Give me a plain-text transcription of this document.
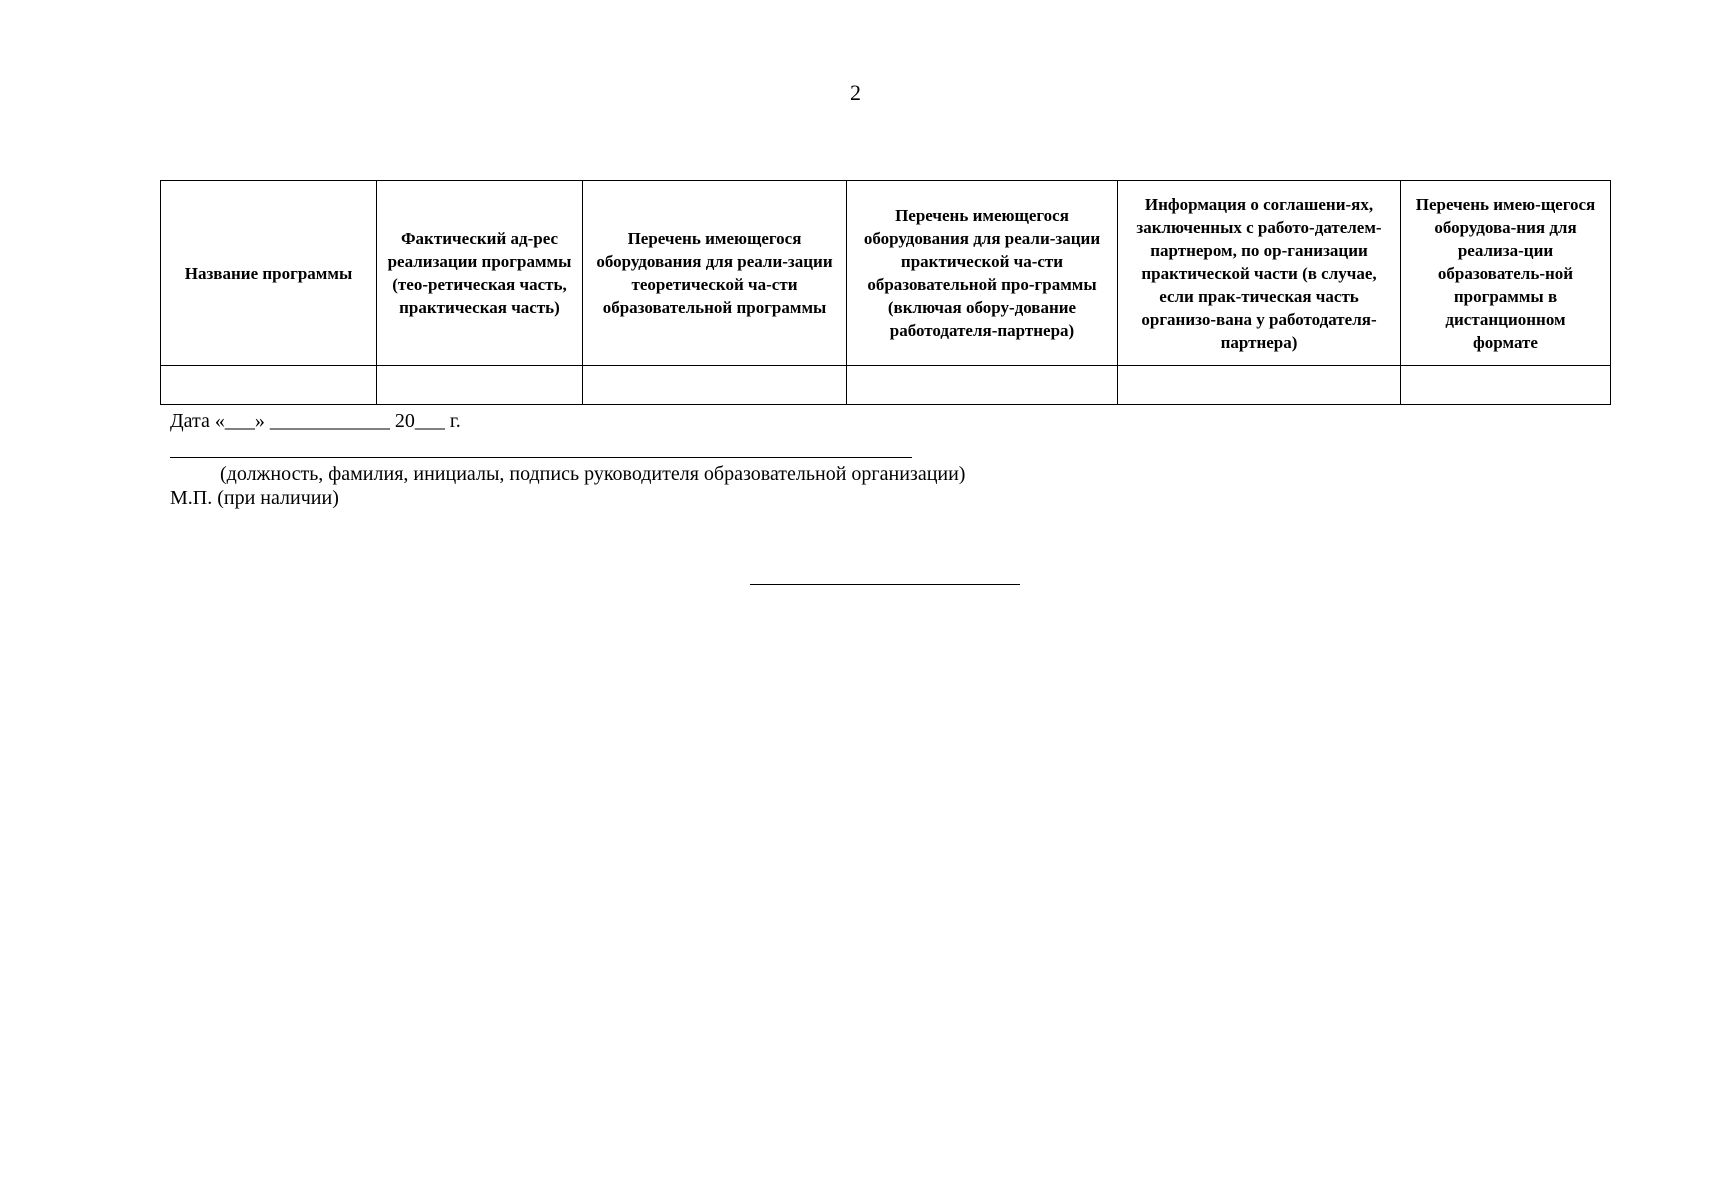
2
Название программы	Фактический ад-рес реализации программы (тео-ретическая часть, практическая часть)	Перечень имеющегося оборудования для реали-зации теоретической ча-сти образовательной программы	Перечень имеющегося оборудования для реали-зации практической ча-сти образовательной про-граммы (включая обору-дование работодателя-партнера)	Информация о соглашени-ях, заключенных с работо-дателем-партнером, по ор-ганизации практической части (в случае, если прак-тическая часть организо-вана у работодателя-партнера)	Перечень имею-щегося оборудова-ния для реализа-ции образователь-ной программы в дистанционном формате

Дата «___» ____________ 20___ г.
(должность, фамилия, инициалы, подпись руководителя образовательной организации)
М.П. (при наличии)
